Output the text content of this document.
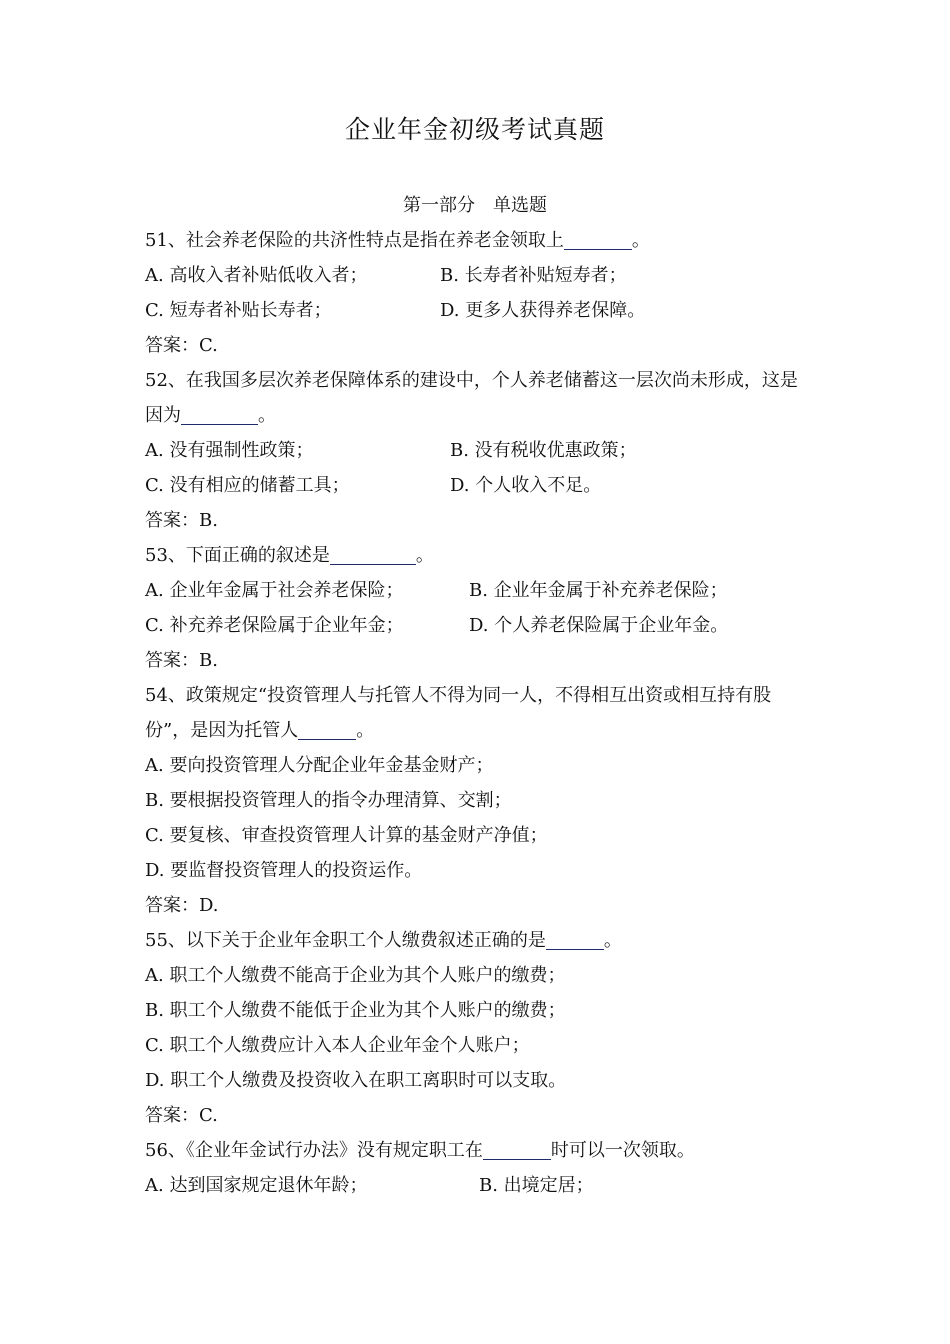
企业年金初级考试真题
第一部分　单选题
51、社会养老保险的共济性特点是指在养老金领取上	。
A. 高收入者补贴低收入者；	B. 长寿者补贴短寿者；
C. 短寿者补贴长寿者；	D. 更多人获得养老保障。
答案：C.
52、在我国多层次养老保障体系的建设中，个人养老储蓄这一层次尚未形成，这是
因为	。
A. 没有强制性政策；	B. 没有税收优惠政策；
C. 没有相应的储蓄工具；	D. 个人收入不足。
答案：B.
53、下面正确的叙述是	。
A. 企业年金属于社会养老保险；	B. 企业年金属于补充养老保险；
C. 补充养老保险属于企业年金；	D. 个人养老保险属于企业年金。
答案：B.
54、政策规定“投资管理人与托管人不得为同一人，不得相互出资或相互持有股
份”，是因为托管人	。
A. 要向投资管理人分配企业年金基金财产；
B. 要根据投资管理人的指令办理清算、交割；
C. 要复核、审查投资管理人计算的基金财产净值；
D. 要监督投资管理人的投资运作。
答案：D.
55、以下关于企业年金职工个人缴费叙述正确的是	。
A. 职工个人缴费不能高于企业为其个人账户的缴费；
B. 职工个人缴费不能低于企业为其个人账户的缴费；
C. 职工个人缴费应计入本人企业年金个人账户；
D. 职工个人缴费及投资收入在职工离职时可以支取。
答案：C.
56、《企业年金试行办法》没有规定职工在	时可以一次领取。
A. 达到国家规定退休年龄；	B. 出境定居；
